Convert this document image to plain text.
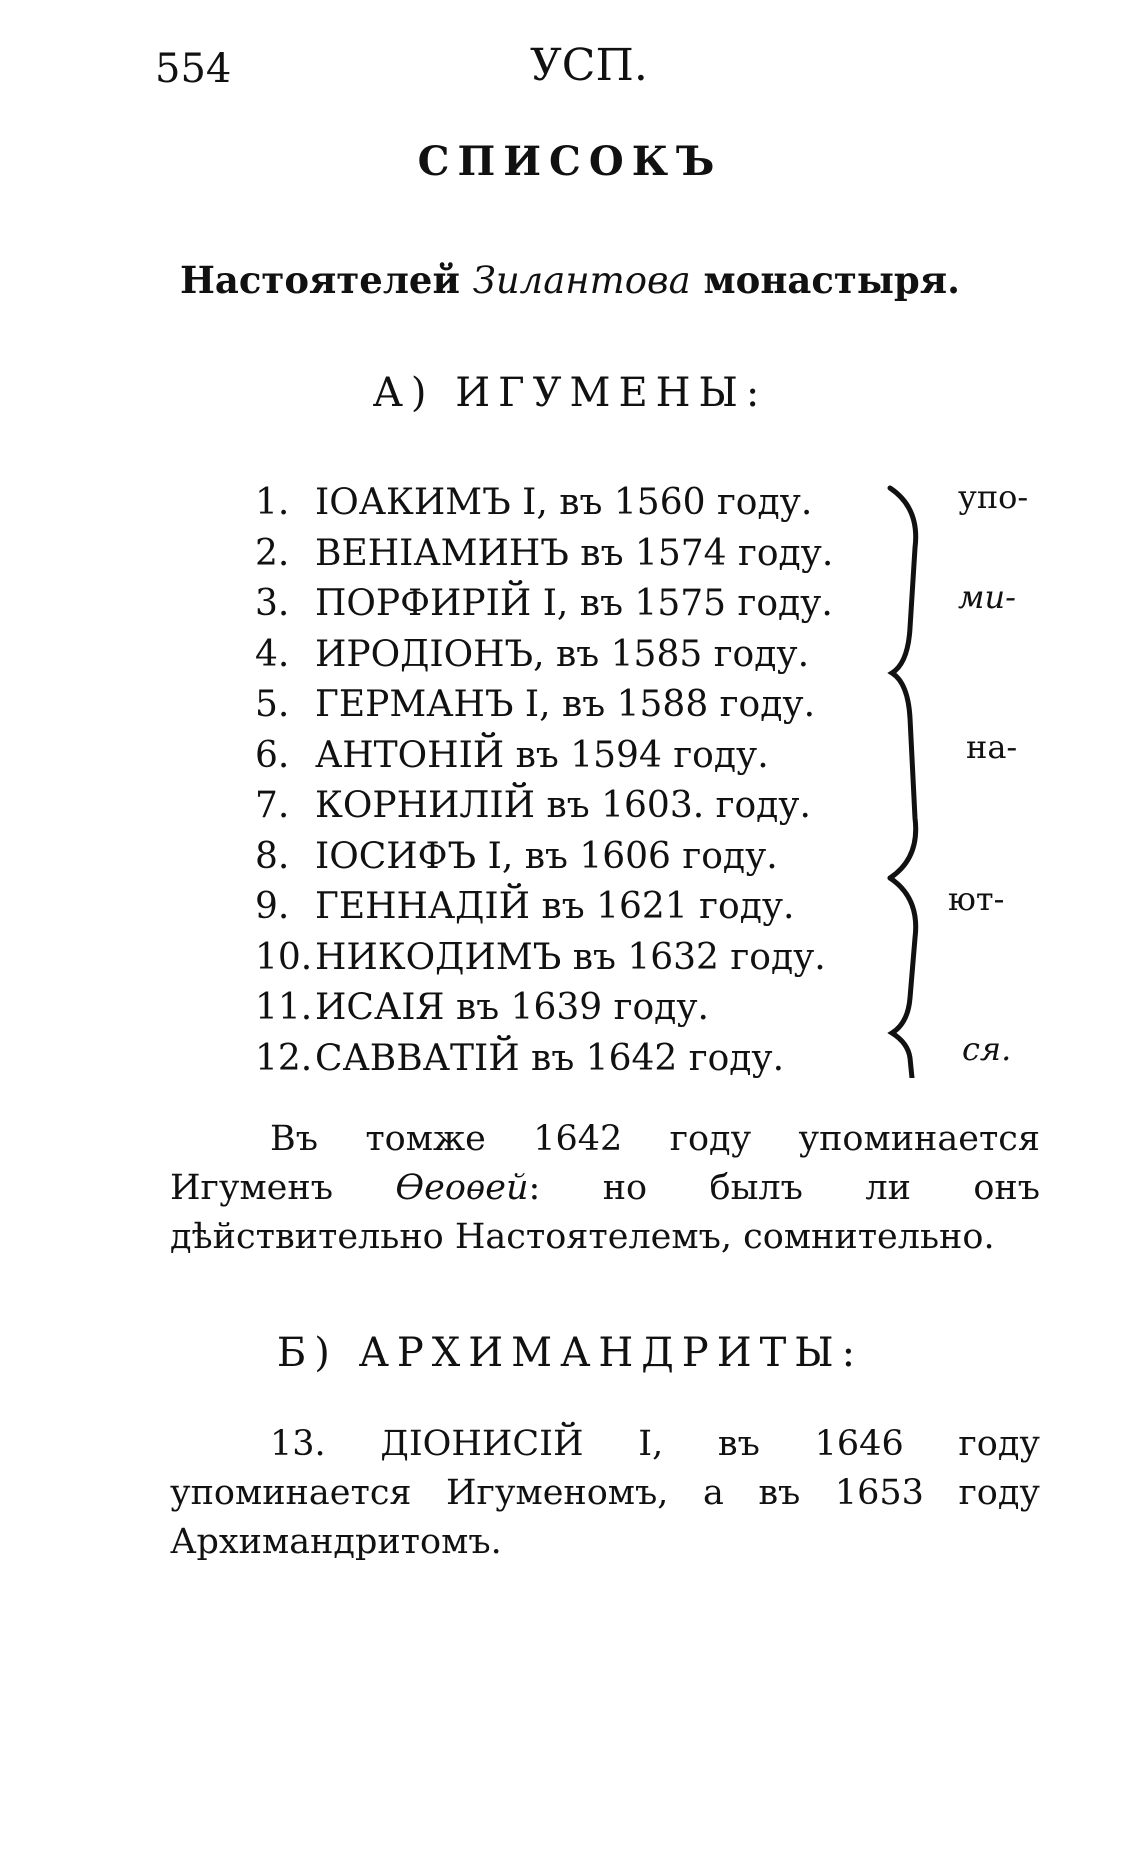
554	УСП.
СПИСОКЪ
Настоятелей Зилантова монастыря.
А) ИГУМЕНЫ:
1. ІОАКИМЪ I, въ 1560 году.
2. ВЕНІАМИНЪ въ 1574 году.
3. ПОРФИРІЙ I, въ 1575 году.
4. ИРОДІОНЪ, въ 1585 году.
5. ГЕРМАНЪ I, въ 1588 году.
6. АНТОНІЙ въ 1594 году.
7. КОРНИЛІЙ въ 1603. году.
8. ІОСИФЪ I, въ 1606 году.
9. ГЕННАДІЙ въ 1621 году.
10.НИКОДИМЪ въ 1632 году.
11.ИСАІЯ въ 1639 году.
12.САВВАТІЙ въ 1642 году.
упо-
ми-
на-
ют-
ся.
Въ томже 1642 году упоминается Игуменъ Ѳеоѳей: но былъ ли онъ дѣйствительно Настоятелемъ, сомнительно.
Б) АРХИМАНДРИТЫ:
13. ДІОНИСІЙ I, въ 1646 году упоминается Игуменомъ, а въ 1653 году Архимандритомъ.
